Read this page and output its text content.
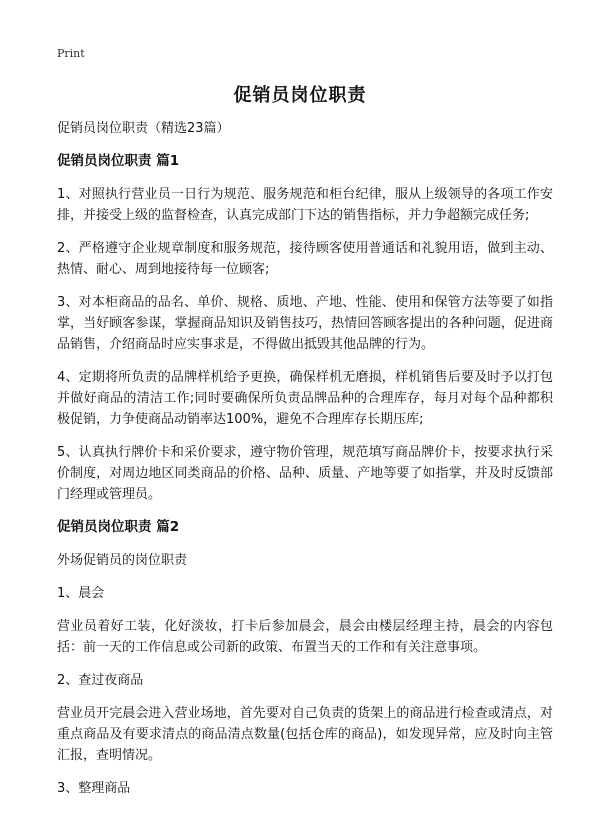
Print
促销员岗位职责

促销员岗位职责（精选23篇）

促销员岗位职责 篇1

1、对照执行营业员一日行为规范、服务规范和柜台纪律，服从上级领导的各项工作安排，并接受上级的监督检查，认真完成部门下达的销售指标，并力争超额完成任务;

2、严格遵守企业规章制度和服务规范，接待顾客使用普通话和礼貌用语，做到主动、热情、耐心、周到地接待每一位顾客;

3、对本柜商品的品名、单价、规格、质地、产地、性能、使用和保管方法等要了如指掌，当好顾客参谋，掌握商品知识及销售技巧，热情回答顾客提出的各种问题，促进商品销售，介绍商品时应实事求是，不得做出抵毁其他品牌的行为。

4、定期将所负责的品牌样机给予更换，确保样机无磨损，样机销售后要及时予以打包并做好商品的清洁工作;同时要确保所负责品牌品种的合理库存，每月对每个品种都积极促销，力争使商品动销率达100%，避免不合理库存长期压库;

5、认真执行牌价卡和采价要求，遵守物价管理，规范填写商品牌价卡，按要求执行采价制度，对周边地区同类商品的价格、品种、质量、产地等要了如指掌，并及时反馈部门经理或管理员。

促销员岗位职责 篇2

外场促销员的岗位职责

1、晨会

营业员着好工装，化好淡妆，打卡后参加晨会，晨会由楼层经理主持，晨会的内容包括：前一天的工作信息或公司新的政策、布置当天的工作和有关注意事项。

2、查过夜商品

营业员开完晨会进入营业场地，首先要对自己负责的货架上的商品进行检查或清点，对重点商品及有要求清点的商品清点数量(包括仓库的商品)，如发现异常，应及时向主管汇报，查明情况。

3、整理商品
